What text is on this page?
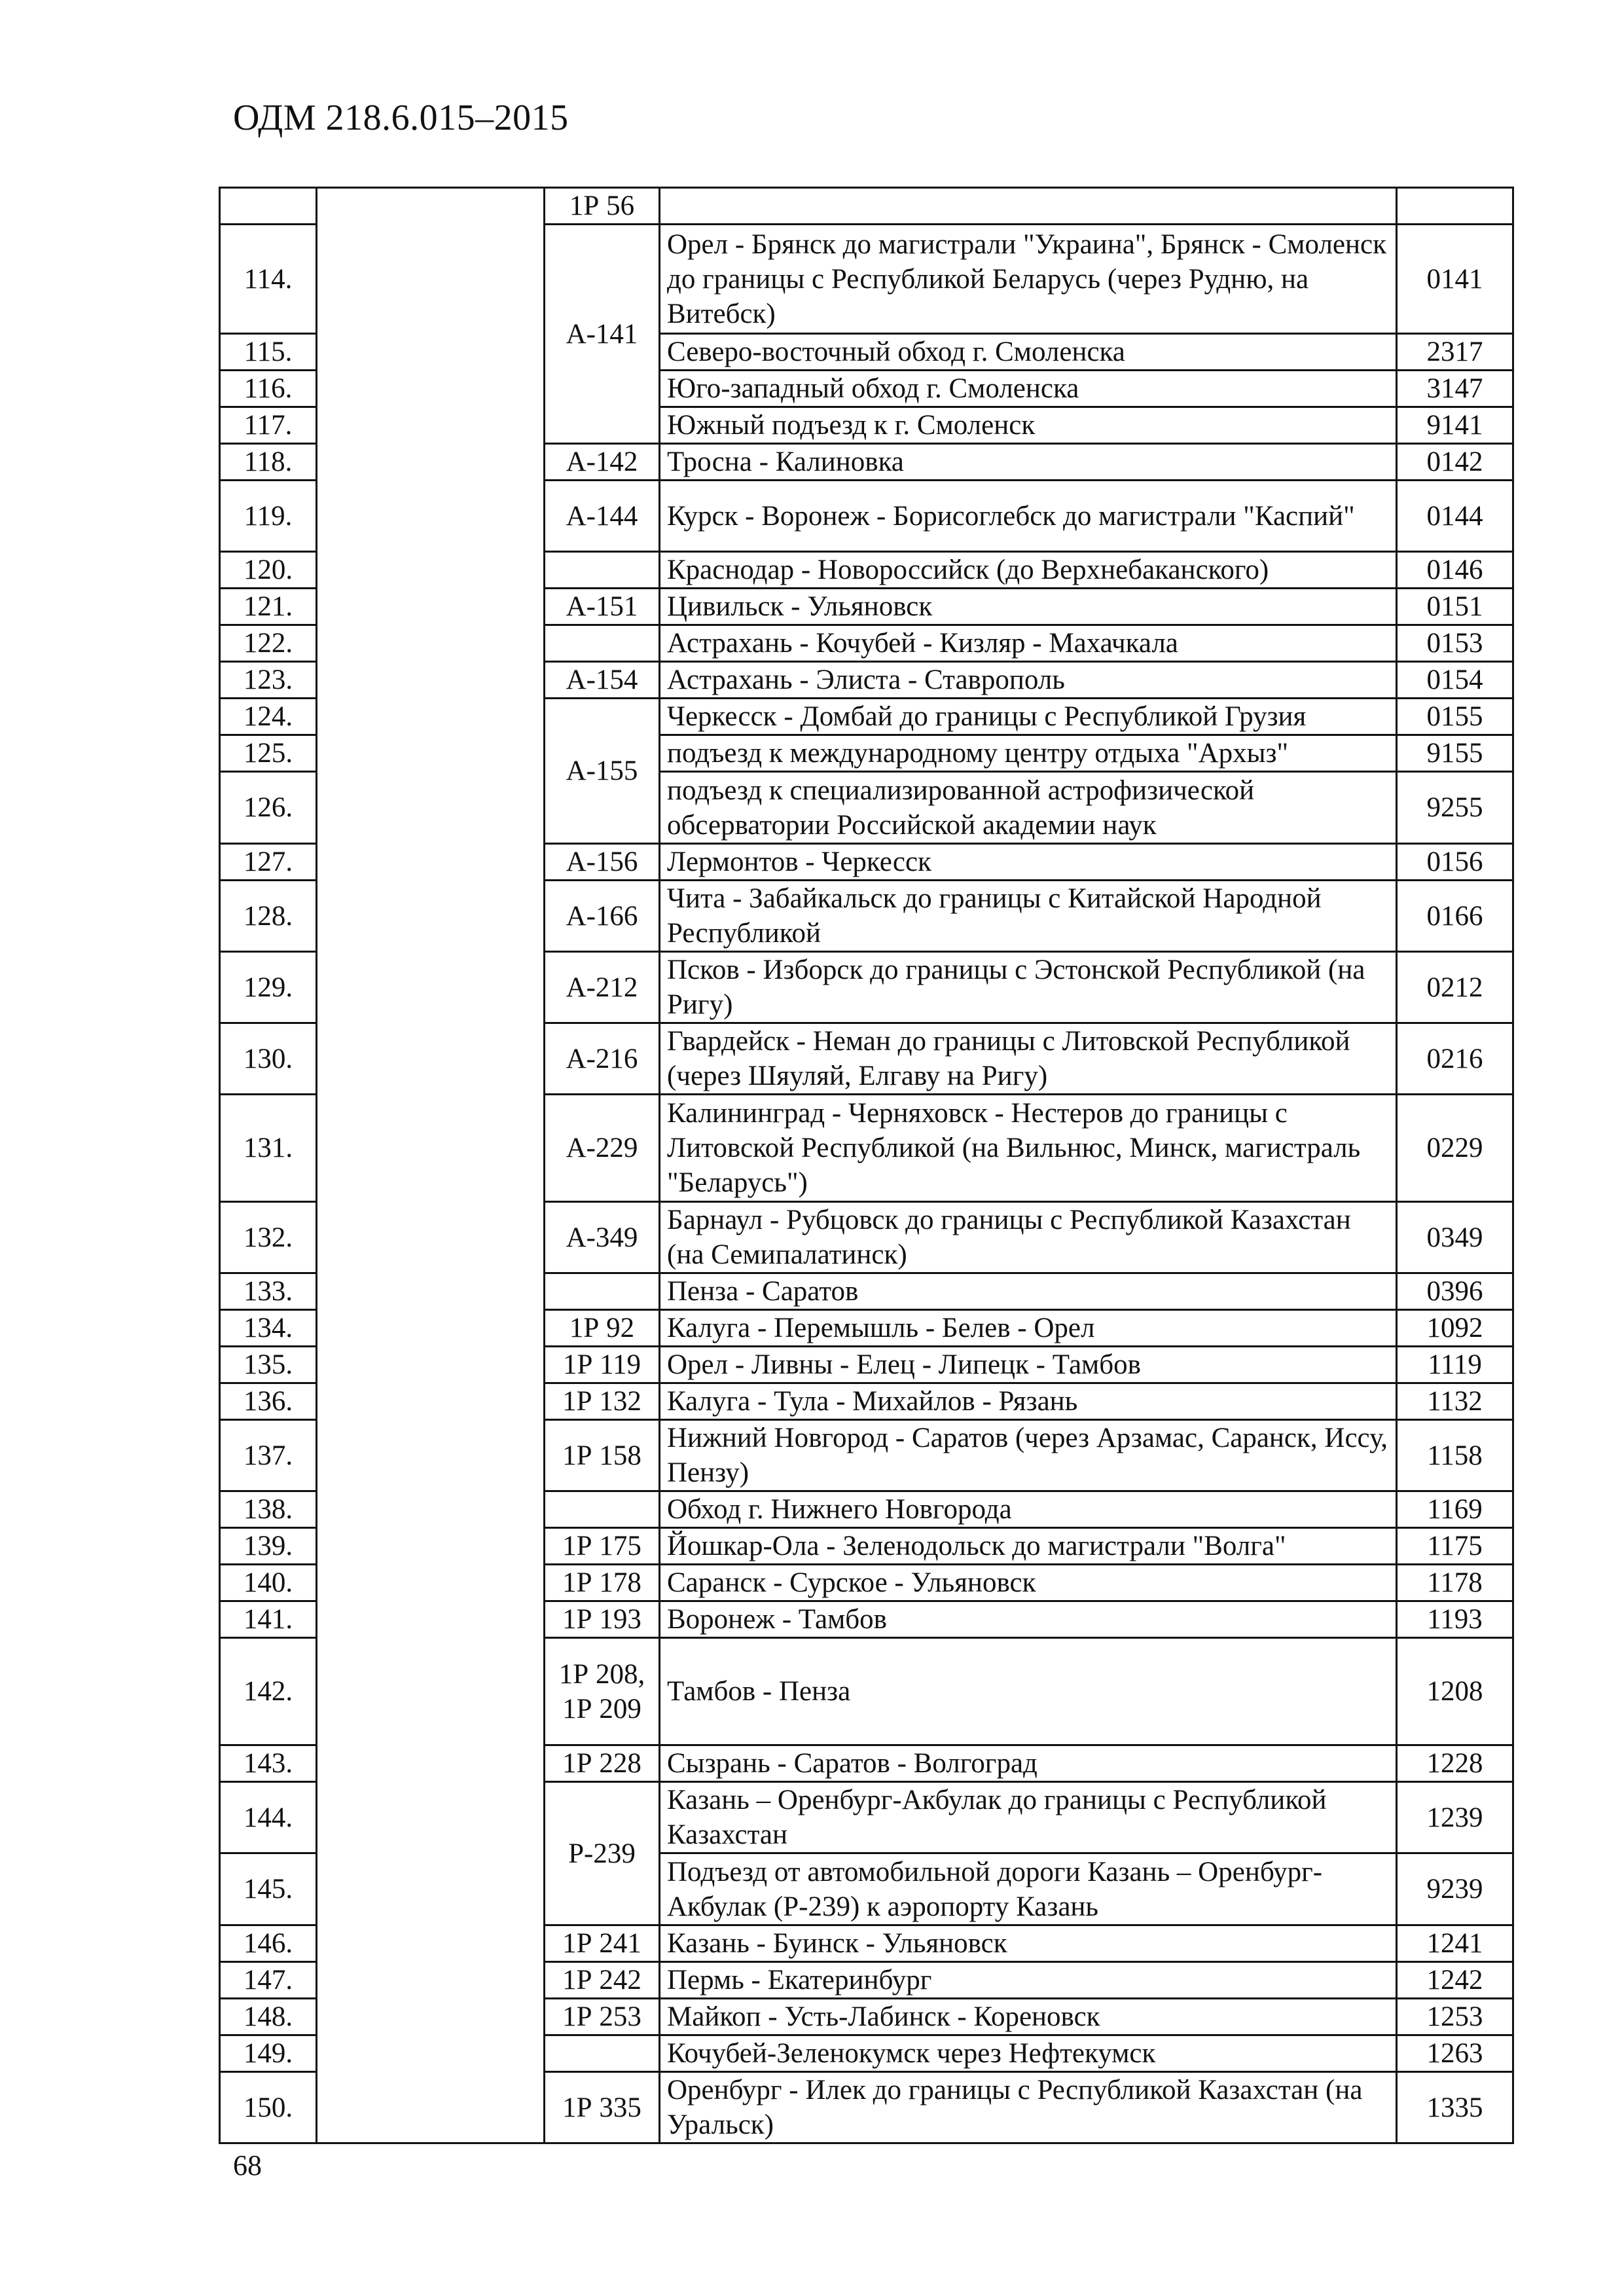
ОДМ 218.6.015–2015
		1Р 56		
114.		А-141	Орел - Брянск до магистрали "Украина", Брянск - Смоленск до границы с Республикой Беларусь (через Рудню, на Витебск)	0141
115.			Северо-восточный обход г. Смоленска	2317
116.			Юго-западный обход г. Смоленска	3147
117.			Южный подъезд к г. Смоленск	9141
118.		А-142	Тросна - Калиновка	0142
119.		А-144	Курск - Воронеж - Борисоглебск до магистрали "Каспий"	0144
120.			Краснодар - Новороссийск (до Верхнебаканского)	0146
121.		А-151	Цивильск - Ульяновск	0151
122.			Астрахань - Кочубей - Кизляр - Махачкала	0153
123.		А-154	Астрахань - Элиста - Ставрополь	0154
124.		А-155	Черкесск - Домбай до границы с Республикой Грузия	0155
125.			подъезд к международному центру отдыха "Архыз"	9155
126.			подъезд к специализированной астрофизической обсерватории Российской академии наук	9255
127.		А-156	Лермонтов - Черкесск	0156
128.		А-166	Чита - Забайкальск до границы с Китайской Народной Республикой	0166
129.		А-212	Псков - Изборск до границы с Эстонской Республикой (на Ригу)	0212
130.		А-216	Гвардейск - Неман до границы с Литовской Республикой (через Шяуляй, Елгаву на Ригу)	0216
131.		А-229	Калининград - Черняховск - Нестеров до границы с Литовской Республикой (на Вильнюс, Минск, магистраль "Беларусь")	0229
132.		А-349	Барнаул - Рубцовск до границы с Республикой Казахстан (на Семипалатинск)	0349
133.			Пенза - Саратов	0396
134.		1Р 92	Калуга - Перемышль - Белев - Орел	1092
135.		1Р 119	Орел - Ливны - Елец - Липецк - Тамбов	1119
136.		1Р 132	Калуга - Тула - Михайлов - Рязань	1132
137.		1Р 158	Нижний Новгород - Саратов (через Арзамас, Саранск, Иссу, Пензу)	1158
138.			Обход г. Нижнего Новгорода	1169
139.		1Р 175	Йошкар-Ола - Зеленодольск до магистрали "Волга"	1175
140.		1Р 178	Саранск - Сурское - Ульяновск	1178
141.		1Р 193	Воронеж - Тамбов	1193
142.		1Р 208, 1Р 209	Тамбов - Пенза	1208
143.		1Р 228	Сызрань - Саратов - Волгоград	1228
144.		Р-239	Казань – Оренбург-Акбулак до границы с Республикой Казахстан	1239
145.			Подъезд от автомобильной дороги Казань – Оренбург-Акбулак (Р-239) к аэропорту Казань	9239
146.		1Р 241	Казань - Буинск - Ульяновск	1241
147.		1Р 242	Пермь - Екатеринбург	1242
148.		1Р 253	Майкоп - Усть-Лабинск - Кореновск	1253
149.			Кочубей-Зеленокумск через Нефтекумск	1263
150.		1Р 335	Оренбург - Илек до границы с Республикой Казахстан (на Уральск)	1335
68
